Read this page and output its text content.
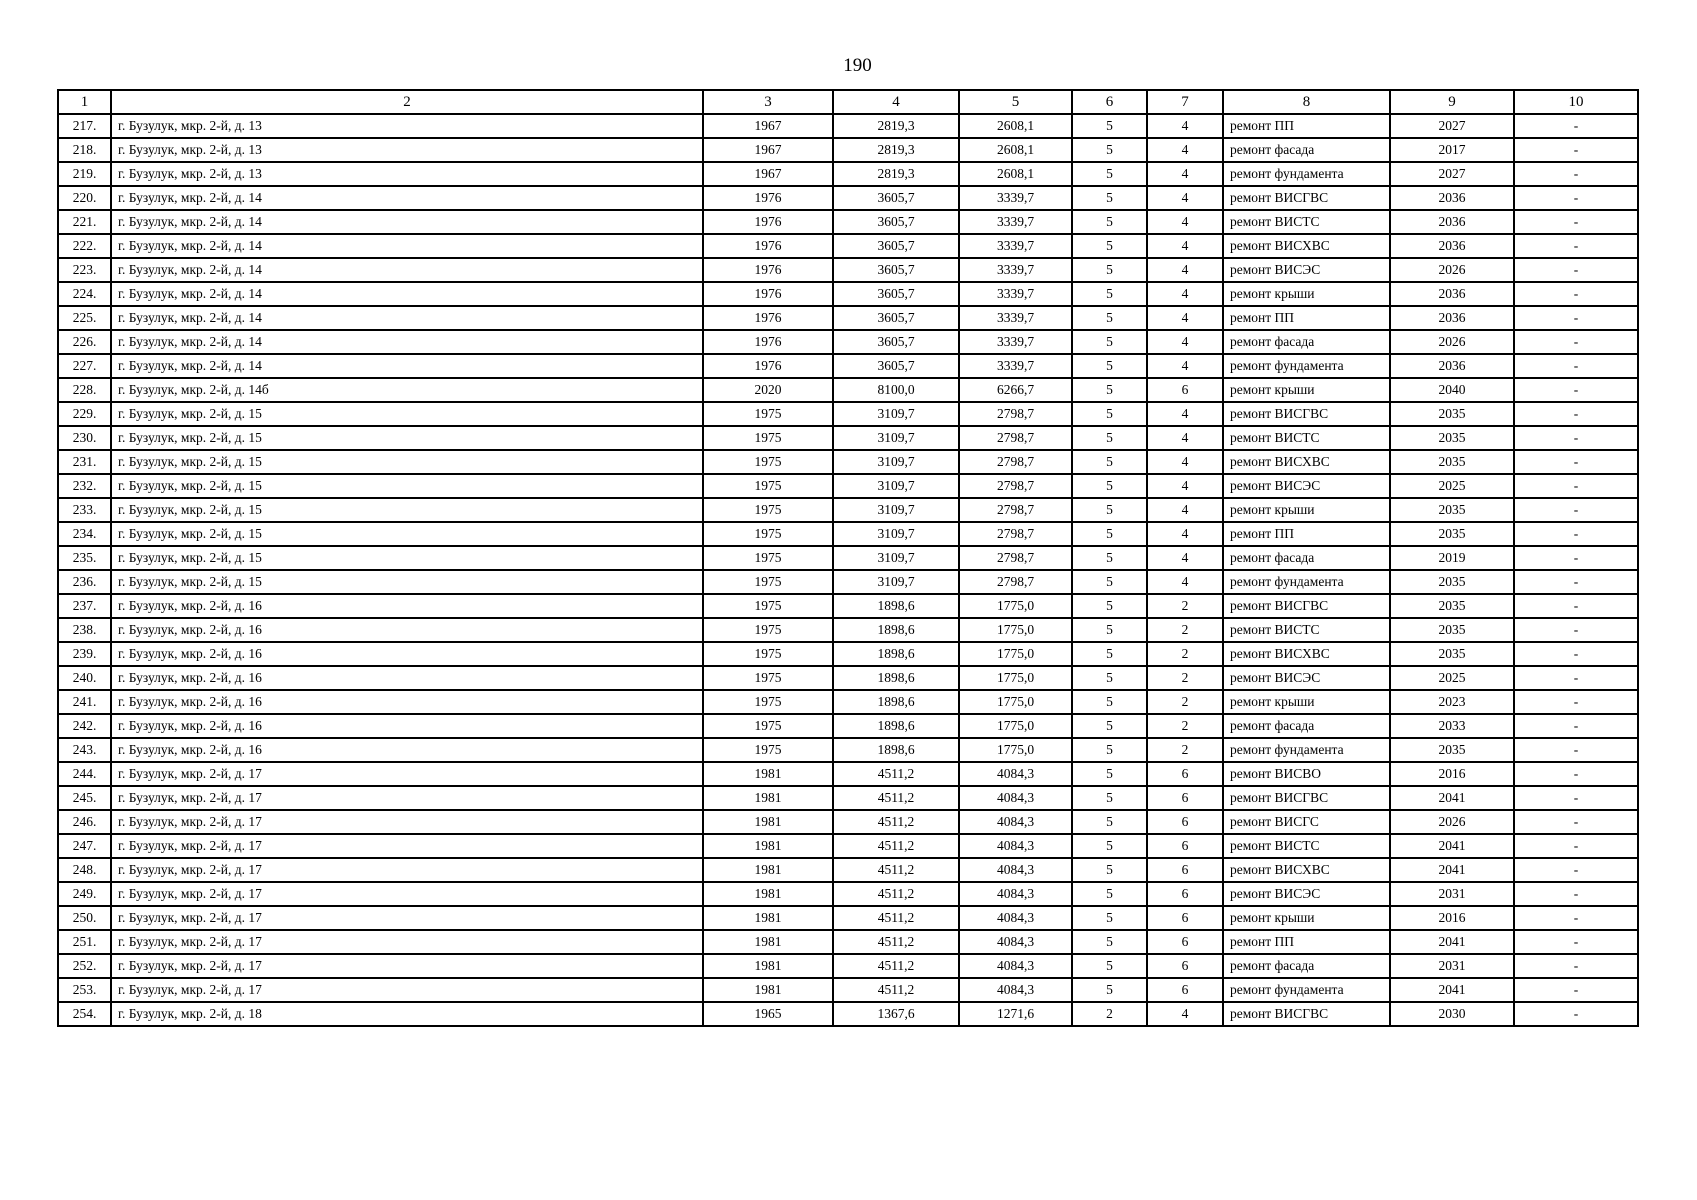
190
1	2	3	4	5	6	7	8	9	10
217.	г. Бузулук, мкр. 2-й, д. 13	1967	2819,3	2608,1	5	4	ремонт ПП	2027	-
218.	г. Бузулук, мкр. 2-й, д. 13	1967	2819,3	2608,1	5	4	ремонт фасада	2017	-
219.	г. Бузулук, мкр. 2-й, д. 13	1967	2819,3	2608,1	5	4	ремонт фундамента	2027	-
220.	г. Бузулук, мкр. 2-й, д. 14	1976	3605,7	3339,7	5	4	ремонт ВИСГВС	2036	-
221.	г. Бузулук, мкр. 2-й, д. 14	1976	3605,7	3339,7	5	4	ремонт ВИСТС	2036	-
222.	г. Бузулук, мкр. 2-й, д. 14	1976	3605,7	3339,7	5	4	ремонт ВИСХВС	2036	-
223.	г. Бузулук, мкр. 2-й, д. 14	1976	3605,7	3339,7	5	4	ремонт ВИСЭС	2026	-
224.	г. Бузулук, мкр. 2-й, д. 14	1976	3605,7	3339,7	5	4	ремонт крыши	2036	-
225.	г. Бузулук, мкр. 2-й, д. 14	1976	3605,7	3339,7	5	4	ремонт ПП	2036	-
226.	г. Бузулук, мкр. 2-й, д. 14	1976	3605,7	3339,7	5	4	ремонт фасада	2026	-
227.	г. Бузулук, мкр. 2-й, д. 14	1976	3605,7	3339,7	5	4	ремонт фундамента	2036	-
228.	г. Бузулук, мкр. 2-й, д. 14б	2020	8100,0	6266,7	5	6	ремонт крыши	2040	-
229.	г. Бузулук, мкр. 2-й, д. 15	1975	3109,7	2798,7	5	4	ремонт ВИСГВС	2035	-
230.	г. Бузулук, мкр. 2-й, д. 15	1975	3109,7	2798,7	5	4	ремонт ВИСТС	2035	-
231.	г. Бузулук, мкр. 2-й, д. 15	1975	3109,7	2798,7	5	4	ремонт ВИСХВС	2035	-
232.	г. Бузулук, мкр. 2-й, д. 15	1975	3109,7	2798,7	5	4	ремонт ВИСЭС	2025	-
233.	г. Бузулук, мкр. 2-й, д. 15	1975	3109,7	2798,7	5	4	ремонт крыши	2035	-
234.	г. Бузулук, мкр. 2-й, д. 15	1975	3109,7	2798,7	5	4	ремонт ПП	2035	-
235.	г. Бузулук, мкр. 2-й, д. 15	1975	3109,7	2798,7	5	4	ремонт фасада	2019	-
236.	г. Бузулук, мкр. 2-й, д. 15	1975	3109,7	2798,7	5	4	ремонт фундамента	2035	-
237.	г. Бузулук, мкр. 2-й, д. 16	1975	1898,6	1775,0	5	2	ремонт ВИСГВС	2035	-
238.	г. Бузулук, мкр. 2-й, д. 16	1975	1898,6	1775,0	5	2	ремонт ВИСТС	2035	-
239.	г. Бузулук, мкр. 2-й, д. 16	1975	1898,6	1775,0	5	2	ремонт ВИСХВС	2035	-
240.	г. Бузулук, мкр. 2-й, д. 16	1975	1898,6	1775,0	5	2	ремонт ВИСЭС	2025	-
241.	г. Бузулук, мкр. 2-й, д. 16	1975	1898,6	1775,0	5	2	ремонт крыши	2023	-
242.	г. Бузулук, мкр. 2-й, д. 16	1975	1898,6	1775,0	5	2	ремонт фасада	2033	-
243.	г. Бузулук, мкр. 2-й, д. 16	1975	1898,6	1775,0	5	2	ремонт фундамента	2035	-
244.	г. Бузулук, мкр. 2-й, д. 17	1981	4511,2	4084,3	5	6	ремонт ВИСВО	2016	-
245.	г. Бузулук, мкр. 2-й, д. 17	1981	4511,2	4084,3	5	6	ремонт ВИСГВС	2041	-
246.	г. Бузулук, мкр. 2-й, д. 17	1981	4511,2	4084,3	5	6	ремонт ВИСГС	2026	-
247.	г. Бузулук, мкр. 2-й, д. 17	1981	4511,2	4084,3	5	6	ремонт ВИСТС	2041	-
248.	г. Бузулук, мкр. 2-й, д. 17	1981	4511,2	4084,3	5	6	ремонт ВИСХВС	2041	-
249.	г. Бузулук, мкр. 2-й, д. 17	1981	4511,2	4084,3	5	6	ремонт ВИСЭС	2031	-
250.	г. Бузулук, мкр. 2-й, д. 17	1981	4511,2	4084,3	5	6	ремонт крыши	2016	-
251.	г. Бузулук, мкр. 2-й, д. 17	1981	4511,2	4084,3	5	6	ремонт ПП	2041	-
252.	г. Бузулук, мкр. 2-й, д. 17	1981	4511,2	4084,3	5	6	ремонт фасада	2031	-
253.	г. Бузулук, мкр. 2-й, д. 17	1981	4511,2	4084,3	5	6	ремонт фундамента	2041	-
254.	г. Бузулук, мкр. 2-й, д. 18	1965	1367,6	1271,6	2	4	ремонт ВИСГВС	2030	-
